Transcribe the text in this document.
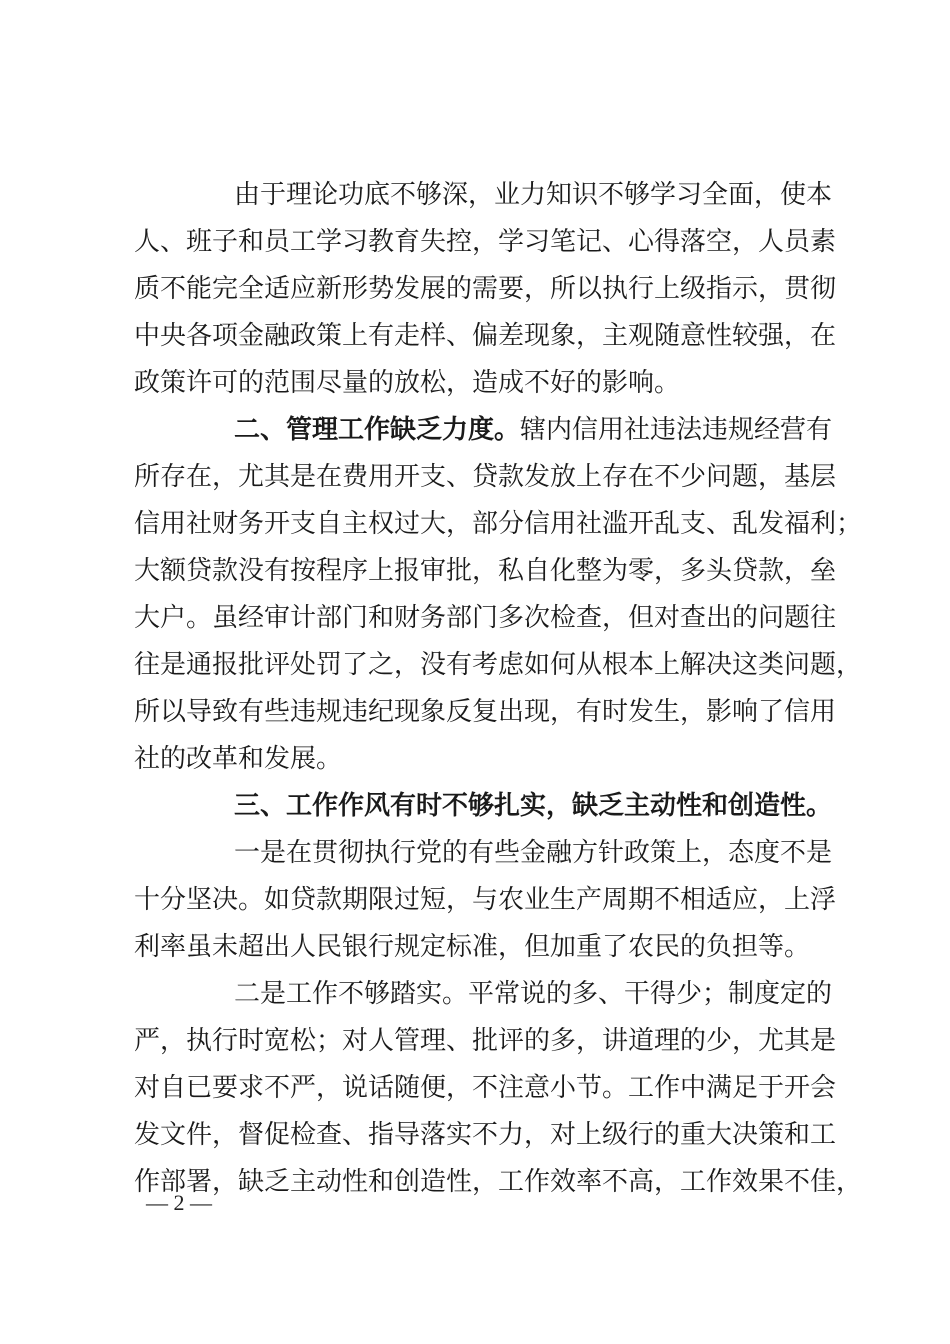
由于理论功底不够深，业力知识不够学习全面，使本
人、班子和员工学习教育失控，学习笔记、心得落空，人员素
质不能完全适应新形势发展的需要，所以执行上级指示，贯彻
中央各项金融政策上有走样、偏差现象，主观随意性较强，在
政策许可的范围尽量的放松，造成不好的影响。
二、管理工作缺乏力度。辖内信用社违法违规经营有
所存在，尤其是在费用开支、贷款发放上存在不少问题，基层
信用社财务开支自主权过大，部分信用社滥开乱支、乱发福利；
大额贷款没有按程序上报审批，私自化整为零，多头贷款，垒
大户。虽经审计部门和财务部门多次检查，但对查出的问题往
往是通报批评处罚了之，没有考虑如何从根本上解决这类问题，
所以导致有些违规违纪现象反复出现，有时发生，影响了信用
社的改革和发展。
三、工作作风有时不够扎实，缺乏主动性和创造性。
一是在贯彻执行党的有些金融方针政策上，态度不是
十分坚决。如贷款期限过短，与农业生产周期不相适应，上浮
利率虽未超出人民银行规定标准，但加重了农民的负担等。
二是工作不够踏实。平常说的多、干得少；制度定的
严，执行时宽松；对人管理、批评的多，讲道理的少，尤其是
对自已要求不严，说话随便，不注意小节。工作中满足于开会
发文件，督促检查、指导落实不力，对上级行的重大决策和工
作部署，缺乏主动性和创造性，工作效率不高，工作效果不佳，
— 2 —
